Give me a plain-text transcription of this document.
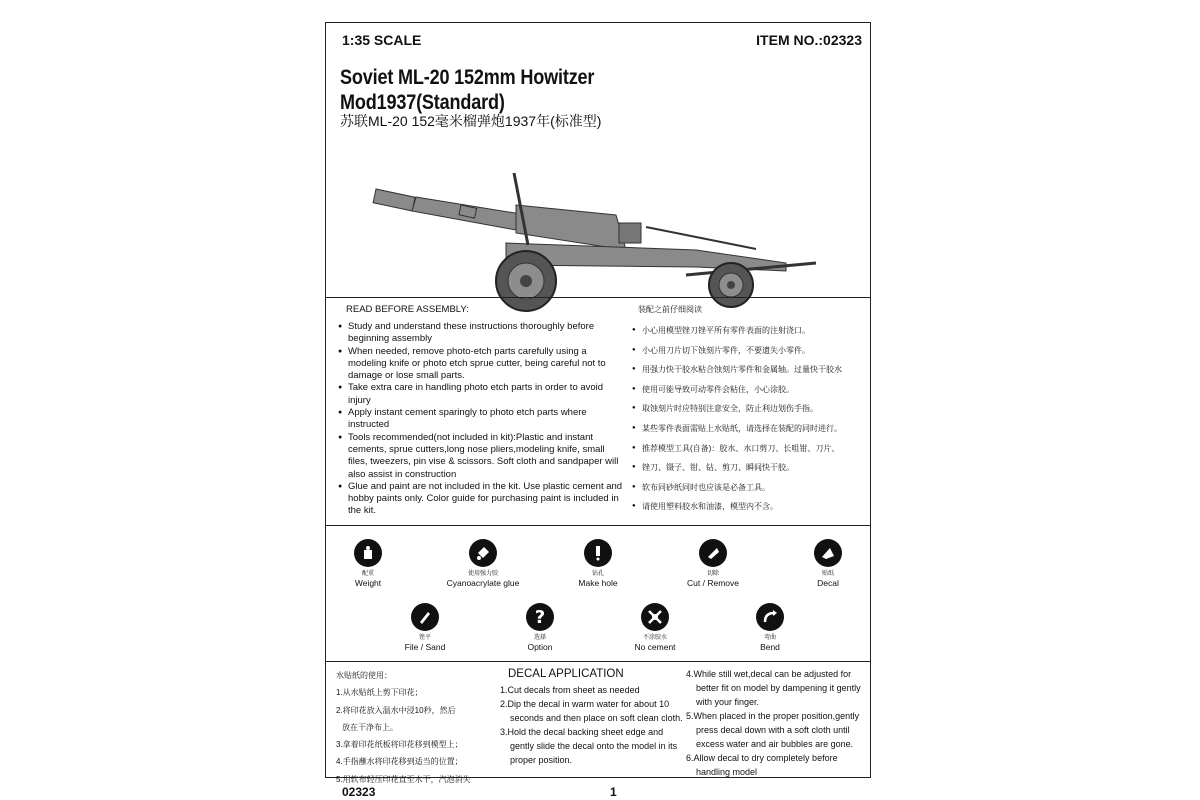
1:35 SCALE	ITEM NO.:02323
Soviet ML-20 152mm Howitzer Mod1937(Standard)
苏联ML-20 152毫米榴弹炮1937年(标准型)
READ BEFORE ASSEMBLY:
● Study and understand these instructions thoroughly before beginning assembly
● When needed, remove photo-etch parts carefully using a modeling knife or photo etch sprue cutter, being careful not to damage or lose small parts.
● Take extra care in handling photo etch parts in order to avoid injury
● Apply instant cement sparingly to photo etch parts where instructed
● Tools recommended(not included in kit):Plastic and instant cements, sprue cutters,long nose pliers,modeling knife, small files, tweezers, pin vise & scissors. Soft cloth and sandpaper will also assist in construction
● Glue and paint are not included in the kit. Use plastic cement and hobby paints only. Color guide for purchasing paint is included in the kit.
装配之前仔细阅读
● 小心用模型锉刀锉平所有零件表面的注射浇口。
● 小心用刀片切下蚀刻片零件，不要遗失小零件。
● 用强力快干胶水粘合蚀刻片零件和金属轴。过量快干胶水
● 使用可能导致可动零件会粘住，小心涂胶。
● 取蚀刻片时应特别注意安全，防止利边划伤手指。
● 某些零件表面需贴上水贴纸，请选择在装配的同时进行。
● 推荐模型工具(自备)：胶水、水口剪刀、长咀钳、刀片、
● 锉刀、镊子、钳、钻、剪刀、瞬间快干胶。
● 软布同砂纸同时也应该是必备工具。
● 请使用塑料胶水和油漆，模型内不含。
配重
Weight
使用强力胶
Cyanoacrylate glue
钻孔
Make hole
切除
Cut / Remove
贴纸
Decal
锉平
File / Sand
?
选择
Option
不涂胶水
No cement
弯曲
Bend
水贴纸的使用：
1.从水贴纸上剪下印花；
2.将印花放入温水中浸10秒，然后
放在干净布上。
3.拿着印花纸板将印花移到模型上；
4.手指蘸水将印花移到适当的位置；
5.用软布轻压印花直至水干，汽泡消失
DECAL APPLICATION
1.Cut decals from sheet as needed
2.Dip the decal in warm water for about 10 seconds and then place on soft clean cloth.
3.Hold the decal backing sheet edge and gently slide the decal onto the model in its proper position.
4.While still wet,decal can be adjusted for better fit on model by dampening it gently with your finger.
5.When placed in the proper position,gently press decal down with a soft cloth until excess water and air bubbles are gone.
6.Allow decal to dry completely before handling model
02323	1
